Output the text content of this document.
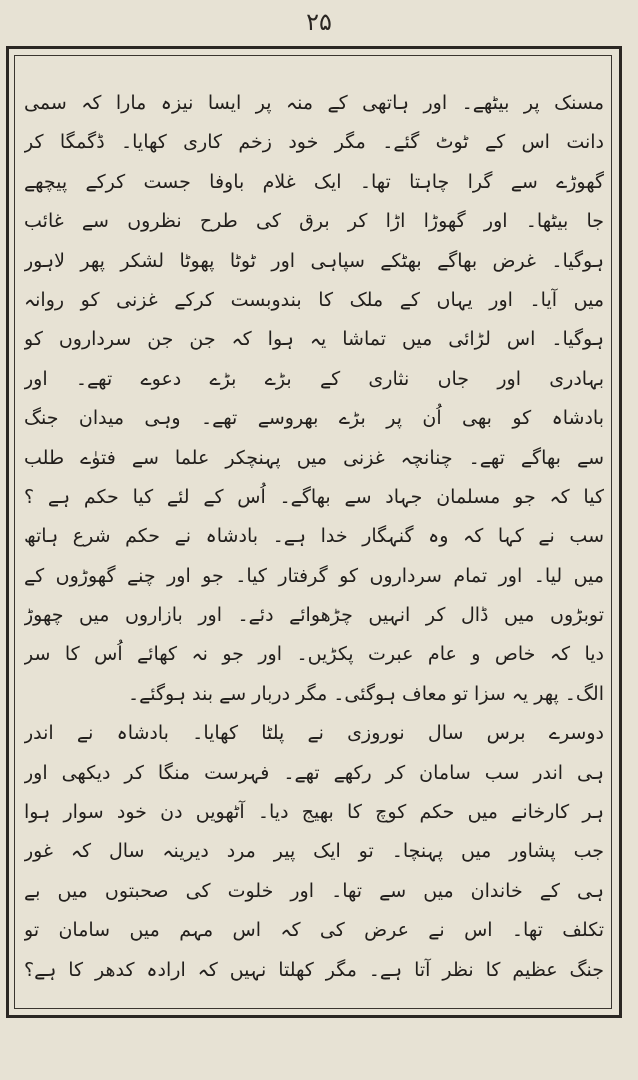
۲۵
مسنک پر بیٹھے۔ اور ہاتھی کے منہ پر ایسا نیزہ مارا کہ سمی
دانت اس کے ٹوٹ گئے۔ مگر خود زخم کاری کھایا۔ ڈگمگا کر
گھوڑے سے گرا چاہتا تھا۔ ایک غلام باوفا جست کرکے پیچھے
جا بیٹھا۔ اور گھوڑا اڑا کر برق کی طرح نظروں سے غائب
ہوگیا۔ غرض بھاگے بھٹکے سپاہی اور ٹوٹا پھوٹا لشکر پھر لاہور
میں آیا۔ اور یہاں کے ملک کا بندوبست کرکے غزنی کو روانہ
ہوگیا۔ اس لڑائی میں تماشا یہ ہوا کہ جن جن سرداروں کو
بہادری اور جاں نثاری کے بڑے بڑے دعوے تھے۔ اور
بادشاہ کو بھی اُن پر بڑے بھروسے تھے۔ وہی میدان جنگ
سے بھاگے تھے۔ چنانچہ غزنی میں پہنچکر علما سے فتوٰے طلب
کیا کہ جو مسلمان جہاد سے بھاگے۔ اُس کے لئے کیا حکم ہے ؟
سب نے کہا کہ وہ گنہگار خدا ہے۔ بادشاہ نے حکم شرع ہاتھ
میں لیا۔ اور تمام سرداروں کو گرفتار کیا۔ جو اور چنے گھوڑوں کے
توبڑوں میں ڈال کر انہیں چڑھوائے دئے۔ اور بازاروں میں چھوڑ
دیا کہ خاص و عام عبرت پکڑیں۔ اور جو نہ کھائے اُس کا سر
الگ۔ پھر یہ سزا تو معاف ہوگئی۔ مگر دربار سے بند ہوگئے۔
دوسرے برس سال نوروزی نے پلٹا کھایا۔ بادشاہ نے اندر
ہی اندر سب سامان کر رکھے تھے۔ فہرست منگا کر دیکھی اور
ہر کارخانے میں حکم کوچ کا بھیج دیا۔ آٹھویں دن خود سوار ہوا
جب پشاور میں پہنچا۔ تو ایک پیر مرد دیرینہ سال کہ غور
ہی کے خاندان میں سے تھا۔ اور خلوت کی صحبتوں میں بے
تکلف تھا۔ اس نے عرض کی کہ اس مہم میں سامان تو
جنگ عظیم کا نظر آتا ہے۔ مگر کھلتا نہیں کہ ارادہ کدھر کا ہے؟
